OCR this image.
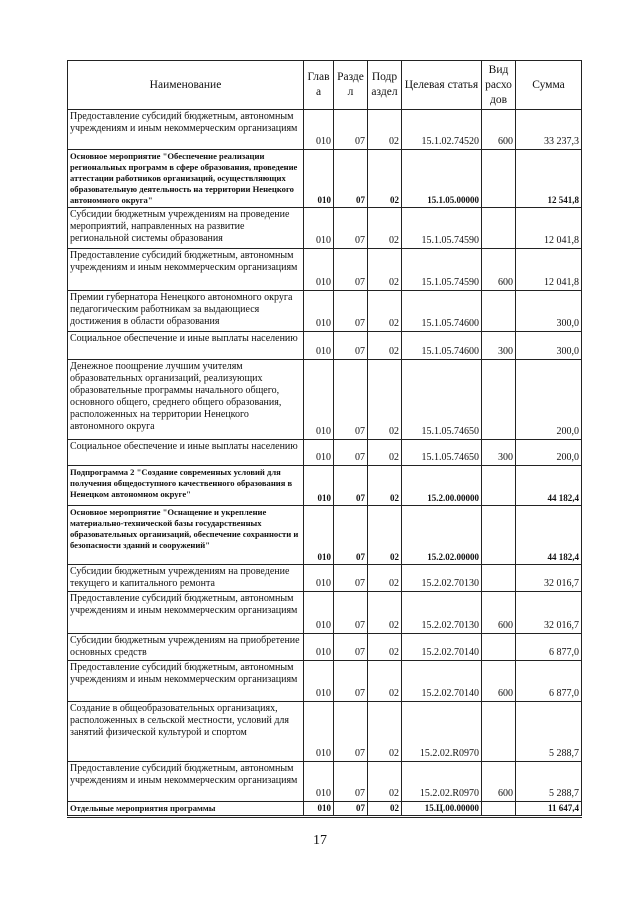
Наименование	Глав а	Разде л	Подр аздел	Целевая статья	Вид расхо дов	Сумма
Предоставление субсидий бюджетным, автономным учреждениям и иным некоммерческим организациям	010	07	02	15.1.02.74520	600	33 237,3
Основное мероприятие "Обеспечение реализации региональных программ в сфере образования, проведение аттестации работников организаций, осуществляющих образовательную деятельность на территории Ненецкого автономного округа"	010	07	02	15.1.05.00000		12 541,8
Субсидии бюджетным учреждениям на проведение мероприятий, направленных на развитие региональной системы образования	010	07	02	15.1.05.74590		12 041,8
Предоставление субсидий бюджетным, автономным учреждениям и иным некоммерческим организациям	010	07	02	15.1.05.74590	600	12 041,8
Премии губернатора Ненецкого автономного округа педагогическим работникам за выдающиеся достижения в области образования	010	07	02	15.1.05.74600		300,0
Социальное обеспечение и иные выплаты населению	010	07	02	15.1.05.74600	300	300,0
Денежное поощрение лучшим учителям образовательных организаций, реализующих образовательные программы начального общего, основного общего, среднего общего образования, расположенных на территории Ненецкого автономного округа	010	07	02	15.1.05.74650		200,0
Социальное обеспечение и иные выплаты населению	010	07	02	15.1.05.74650	300	200,0
Подпрограмма 2 "Создание современных условий для получения общедоступного качественного образования в Ненецком автономном округе"	010	07	02	15.2.00.00000		44 182,4
Основное мероприятие "Оснащение и укрепление материально-технической базы государственных образовательных организаций, обеспечение сохранности и безопасности зданий и сооружений"	010	07	02	15.2.02.00000		44 182,4
Субсидии бюджетным учреждениям на проведение текущего и капитального ремонта	010	07	02	15.2.02.70130		32 016,7
Предоставление субсидий бюджетным, автономным учреждениям и иным некоммерческим организациям	010	07	02	15.2.02.70130	600	32 016,7
Субсидии бюджетным учреждениям на приобретение основных средств	010	07	02	15.2.02.70140		6 877,0
Предоставление субсидий бюджетным, автономным учреждениям и иным некоммерческим организациям	010	07	02	15.2.02.70140	600	6 877,0
Создание в общеобразовательных организациях, расположенных в сельской местности, условий для занятий физической культурой и спортом	010	07	02	15.2.02.R0970		5 288,7
Предоставление субсидий бюджетным, автономным учреждениям и иным некоммерческим организациям	010	07	02	15.2.02.R0970	600	5 288,7
Отдельные мероприятия программы	010	07	02	15.Ц.00.00000		11 647,4
17
